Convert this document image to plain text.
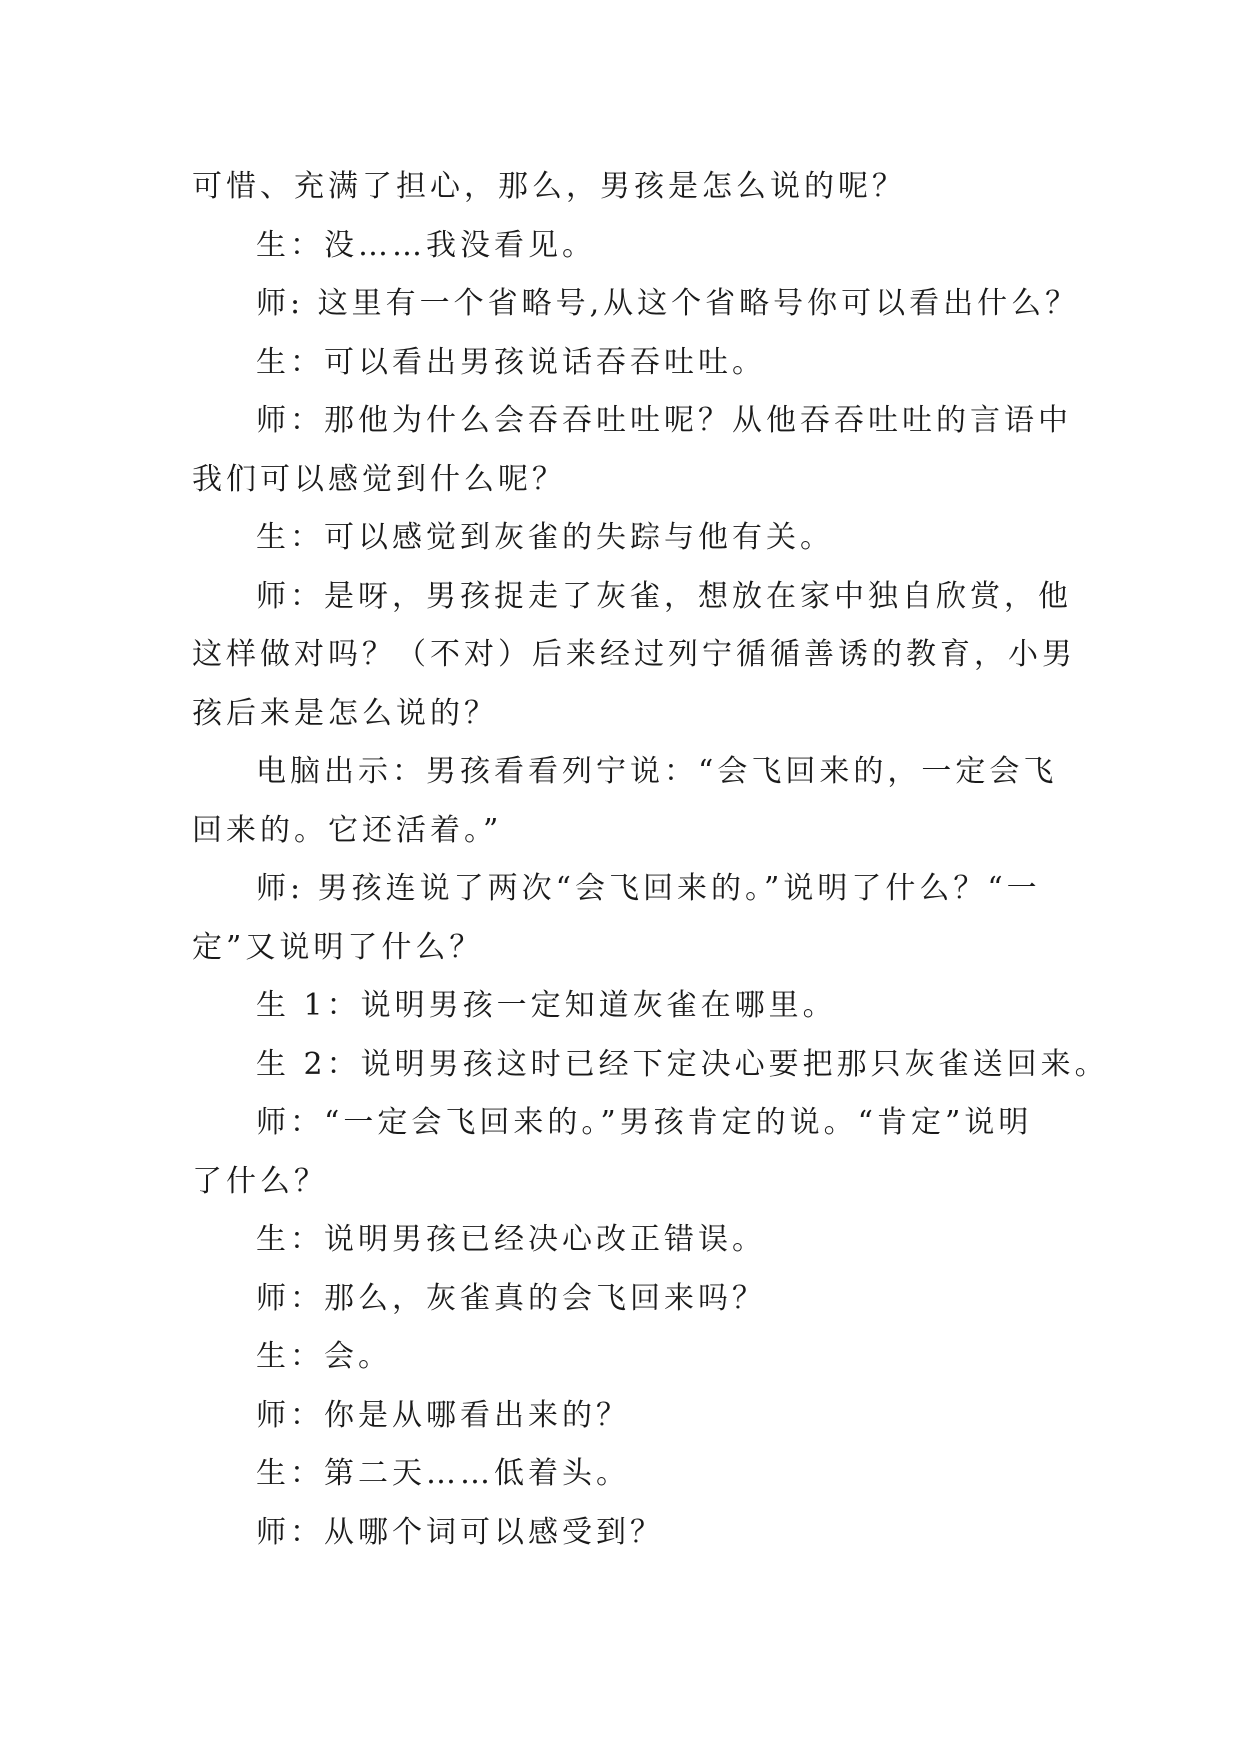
可惜、充满了担心，那么，男孩是怎么说的呢？
生：没……我没看见。
师: 这里有一个省略号,从这个省略号你可以看出什么？
生：可以看出男孩说话吞吞吐吐。
师：那他为什么会吞吞吐吐呢？从他吞吞吐吐的言语中
我们可以感觉到什么呢？
生：可以感觉到灰雀的失踪与他有关。
师：是呀，男孩捉走了灰雀，想放在家中独自欣赏，他
这样做对吗？（不对）后来经过列宁循循善诱的教育，小男
孩后来是怎么说的？
电脑出示：男孩看看列宁说：“会飞回来的，一定会飞
回来的。它还活着。”
师: 男孩连说了两次“会飞回来的。”说明了什么？“一
定”又说明了什么？
生 1：说明男孩一定知道灰雀在哪里。
生 2：说明男孩这时已经下定决心要把那只灰雀送回来。
师：“一定会飞回来的。”男孩肯定的说。“肯定”说明
了什么？
生：说明男孩已经决心改正错误。
师：那么，灰雀真的会飞回来吗？
生：会。
师：你是从哪看出来的？
生：第二天……低着头。
师：从哪个词可以感受到？
